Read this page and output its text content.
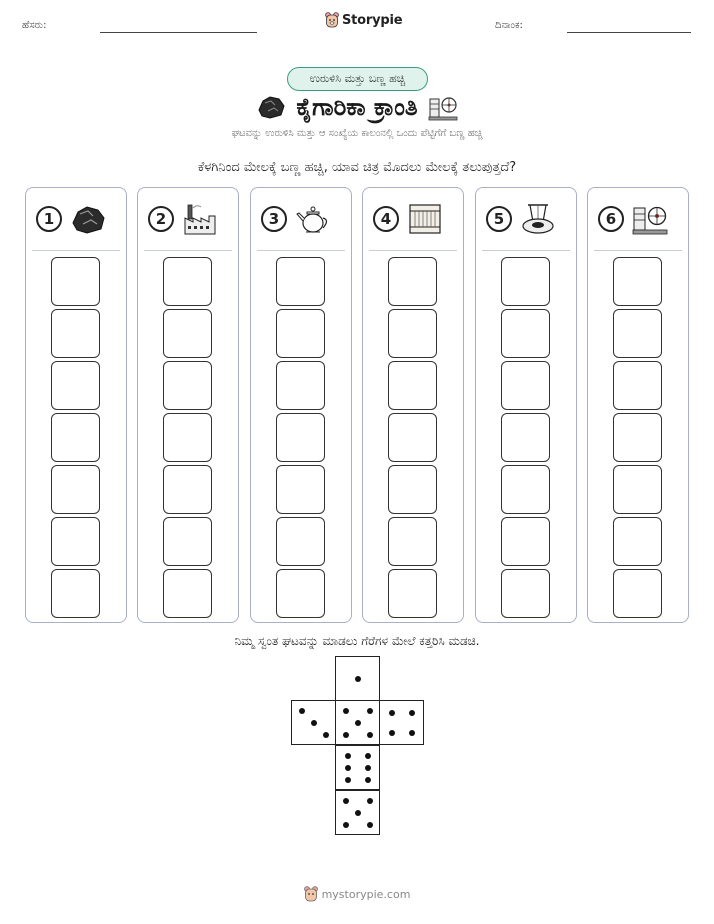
ಹೆಸರು:	Storypie	ದಿನಾಂಕ:
ಉರುಳಿಸಿ ಮತ್ತು ಬಣ್ಣ ಹಚ್ಚಿ
ಕೈಗಾರಿಕಾ ಕ್ರಾಂತಿ
ಘಟವನ್ನು ಉರುಳಿಸಿ ಮತ್ತು ಆ ಸಂಖ್ಯೆಯ ಕಾಲಂನಲ್ಲಿ ಒಂದು ಪೆಟ್ಟಿಗೆಗೆ ಬಣ್ಣ ಹಚ್ಚಿ
ಕೆಳಗಿನಿಂದ ಮೇಲಕ್ಕೆ ಬಣ್ಣ ಹಚ್ಚಿ, ಯಾವ ಚಿತ್ರ ಮೊದಲು ಮೇಲಕ್ಕೆ ತಲುಪುತ್ತದೆ?
1	2	3	4	5	6
ನಿಮ್ಮ ಸ್ವಂತ ಘಟವನ್ನು ಮಾಡಲು ಗೆರೆಗಳ ಮೇಲೆ ಕತ್ತರಿಸಿ ಮಡಚಿ.
mystorypie.com
